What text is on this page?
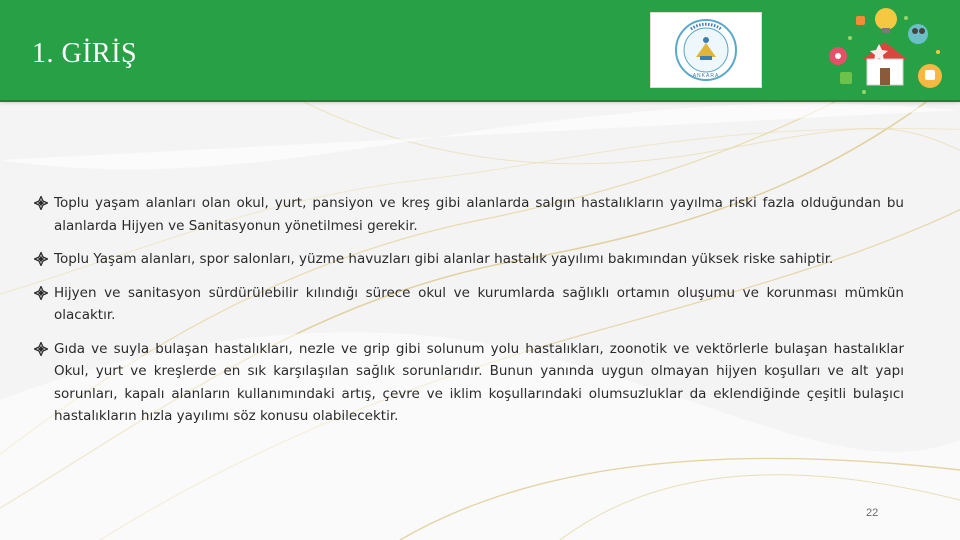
1. GİRİŞ
ANKARA
Toplu yaşam alanları olan okul, yurt, pansiyon ve kreş gibi alanlarda salgın hastalıkların yayılma riski fazla olduğundan bu alanlarda Hijyen ve Sanitasyonun yönetilmesi gerekir.
Toplu Yaşam alanları, spor salonları, yüzme havuzları gibi alanlar hastalık yayılımı bakımından yüksek riske sahiptir.
Hijyen ve sanitasyon sürdürülebilir kılındığı sürece okul ve kurumlarda sağlıklı ortamın oluşumu ve korunması mümkün olacaktır.
Gıda ve suyla bulaşan hastalıkları, nezle ve grip gibi solunum yolu hastalıkları, zoonotik ve vektörlerle bulaşan hastalıklar Okul, yurt ve kreşlerde en sık karşılaşılan sağlık sorunlarıdır. Bunun yanında uygun olmayan hijyen koşulları ve alt yapı sorunları, kapalı alanların kullanımındaki artış, çevre ve iklim koşullarındaki olumsuzluklar da eklendiğinde çeşitli bulaşıcı hastalıkların hızla yayılımı söz konusu olabilecektir.
22
